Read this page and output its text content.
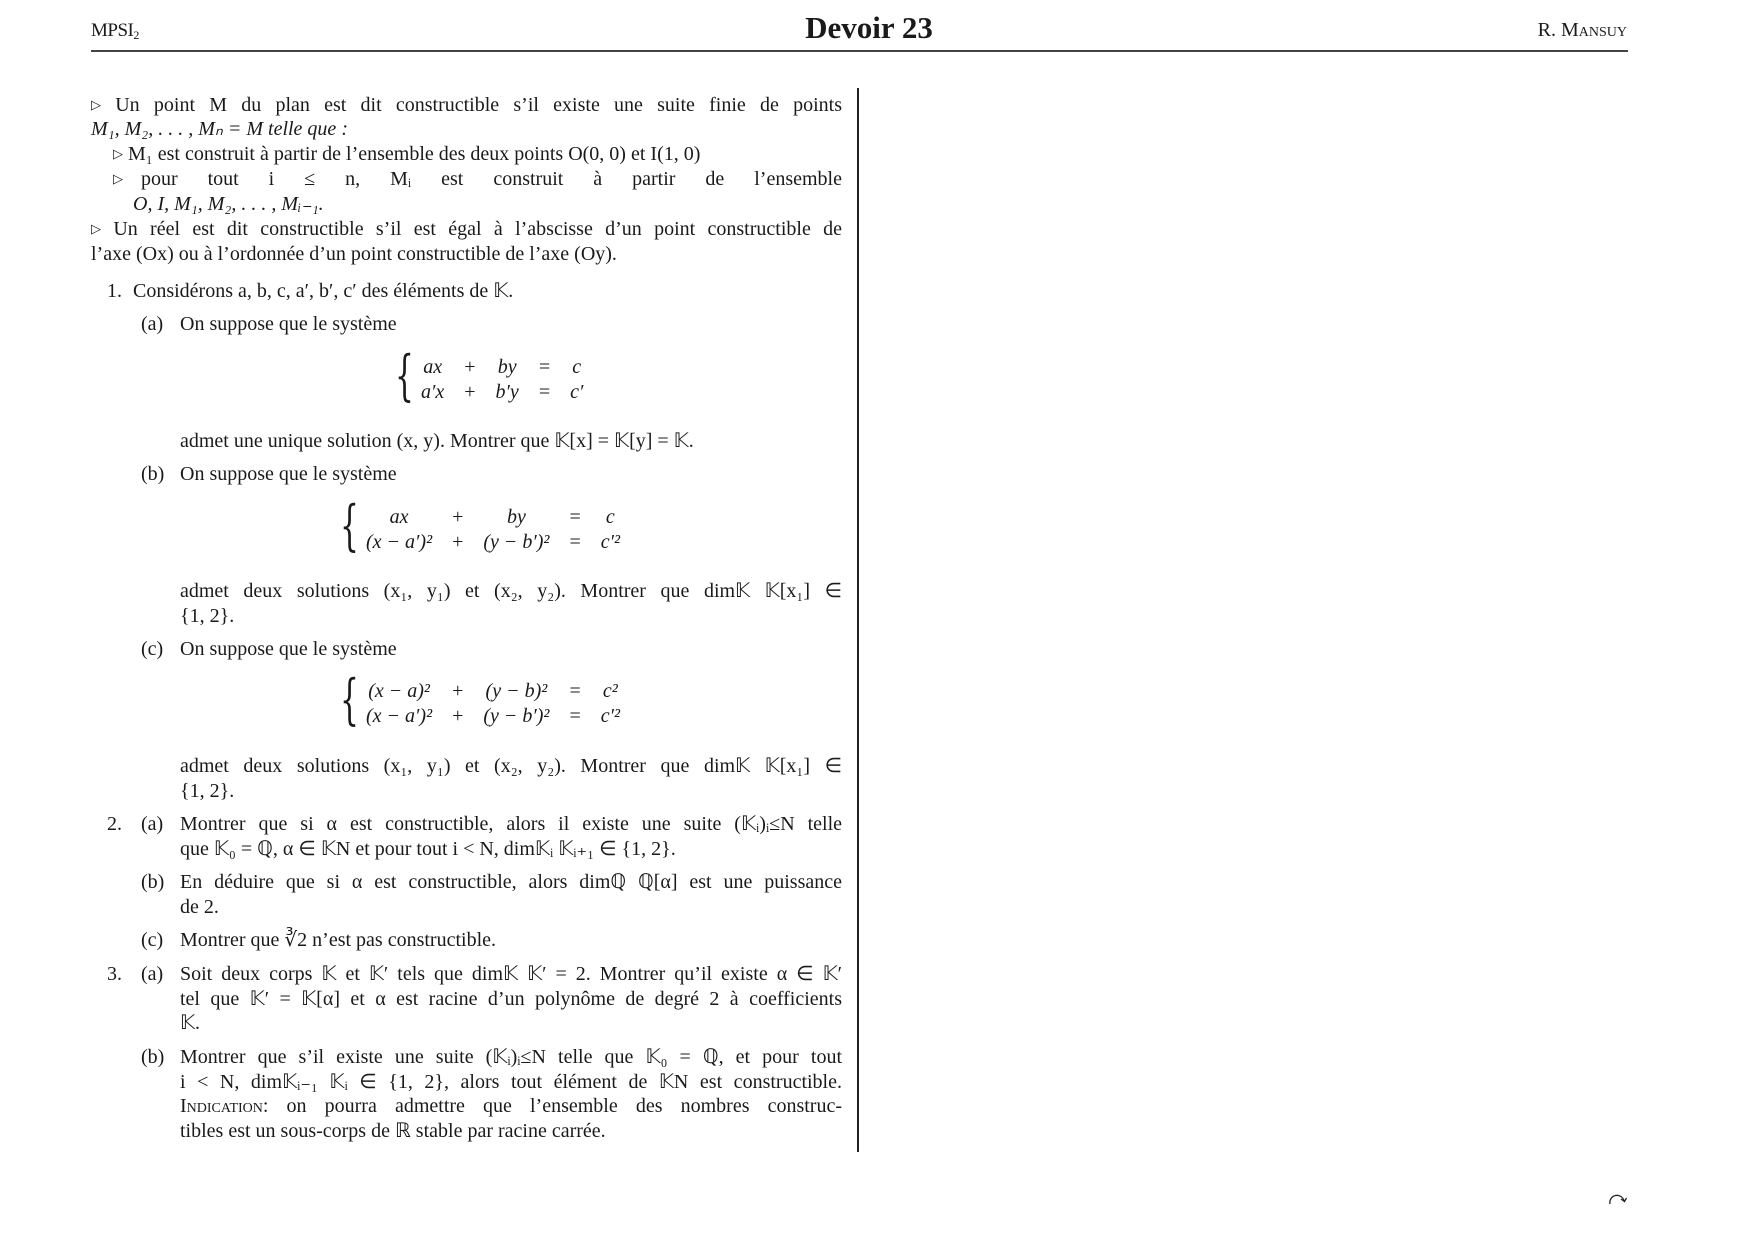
$MPSI_2$	Devoir 23	R. Mansuy
▷ Un point M du plan est dit constructible s’il existe une suite finie de points
M₁, M₂, . . . , Mₙ = M telle que :
▷ M₁ est construit à partir de l’ensemble des deux points O(0, 0) et I(1, 0)
▷ pour tout i ≤ n, Mᵢ est construit à partir de l’ensemble
O, I, M₁, M₂, . . . , Mᵢ₋₁.
▷ Un réel est dit constructible s’il est égal à l’abscisse d’un point constructible de
l’axe (Ox) ou à l’ordonnée d’un point constructible de l’axe (Oy).
1. Considérons a, b, c, a′, b′, c′ des éléments de 𝕂.
(a) On suppose que le système
{ ax	+	by	=	c
a′x	+	b′y	=	c′
admet une unique solution (x, y). Montrer que 𝕂[x] = 𝕂[y] = 𝕂.
(b) On suppose que le système
{ ax	+	by	=	c
(x − a′)²	+	(y − b′)²	=	c′²
admet deux solutions (x₁, y₁) et (x₂, y₂). Montrer que dim𝕂 𝕂[x₁] ∈
{1, 2}.
(c) On suppose que le système
{ (x − a)²	+	(y − b)²	=	c²
(x − a′)²	+	(y − b′)²	=	c′²
admet deux solutions (x₁, y₁) et (x₂, y₂). Montrer que dim𝕂 𝕂[x₁] ∈
{1, 2}.
2. (a) Montrer que si α est constructible, alors il existe une suite (𝕂ᵢ)ᵢ≤N telle
que 𝕂₀ = ℚ, α ∈ 𝕂N et pour tout i < N, dim𝕂ᵢ 𝕂ᵢ₊₁ ∈ {1, 2}.
(b) En déduire que si α est constructible, alors dimℚ ℚ[α] est une puissance
de 2.
(c) Montrer que ∛2 n’est pas constructible.
3. (a) Soit deux corps 𝕂 et 𝕂′ tels que dim𝕂 𝕂′ = 2. Montrer qu’il existe α ∈ 𝕂′
tel que 𝕂′ = 𝕂[α] et α est racine d’un polynôme de degré 2 à coefficients
𝕂.
(b) Montrer que s’il existe une suite (𝕂ᵢ)ᵢ≤N telle que 𝕂₀ = ℚ, et pour tout
i < N, dim𝕂ᵢ₋₁ 𝕂ᵢ ∈ {1, 2}, alors tout élément de 𝕂N est constructible.
Indication: on pourra admettre que l’ensemble des nombres construc-
tibles est un sous-corps de ℝ stable par racine carrée.
